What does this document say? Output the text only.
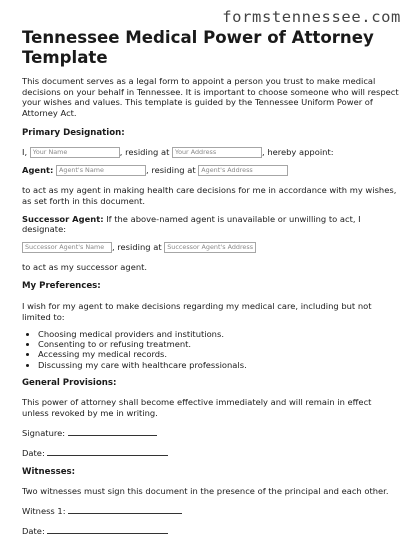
formstennessee.com
Tennessee Medical Power of Attorney
Template

This document serves as a legal form to appoint a person you trust to make medical decisions on your behalf in Tennessee. It is important to choose someone who will respect your wishes and values. This template is guided by the Tennessee Uniform Power of Attorney Act.

Primary Designation:

I, Your Name	, residing at Your Address	, hereby appoint:

Agent: Agent's Name	, residing at Agent's Address

to act as my agent in making health care decisions for me in accordance with my wishes, as set forth in this document.

Successor Agent: If the above-named agent is unavailable or unwilling to act, I designate:

Successor Agent's Name , residing at Successor Agent's Address

to act as my successor agent.

My Preferences:

I wish for my agent to make decisions regarding my medical care, including but not limited to:

• Choosing medical providers and institutions.
• Consenting to or refusing treatment.
• Accessing my medical records.
• Discussing my care with healthcare professionals.

General Provisions:

This power of attorney shall become effective immediately and will remain in effect unless revoked by me in writing.

Signature:

Date:

Witnesses:

Two witnesses must sign this document in the presence of the principal and each other.

Witness 1:

Date:
